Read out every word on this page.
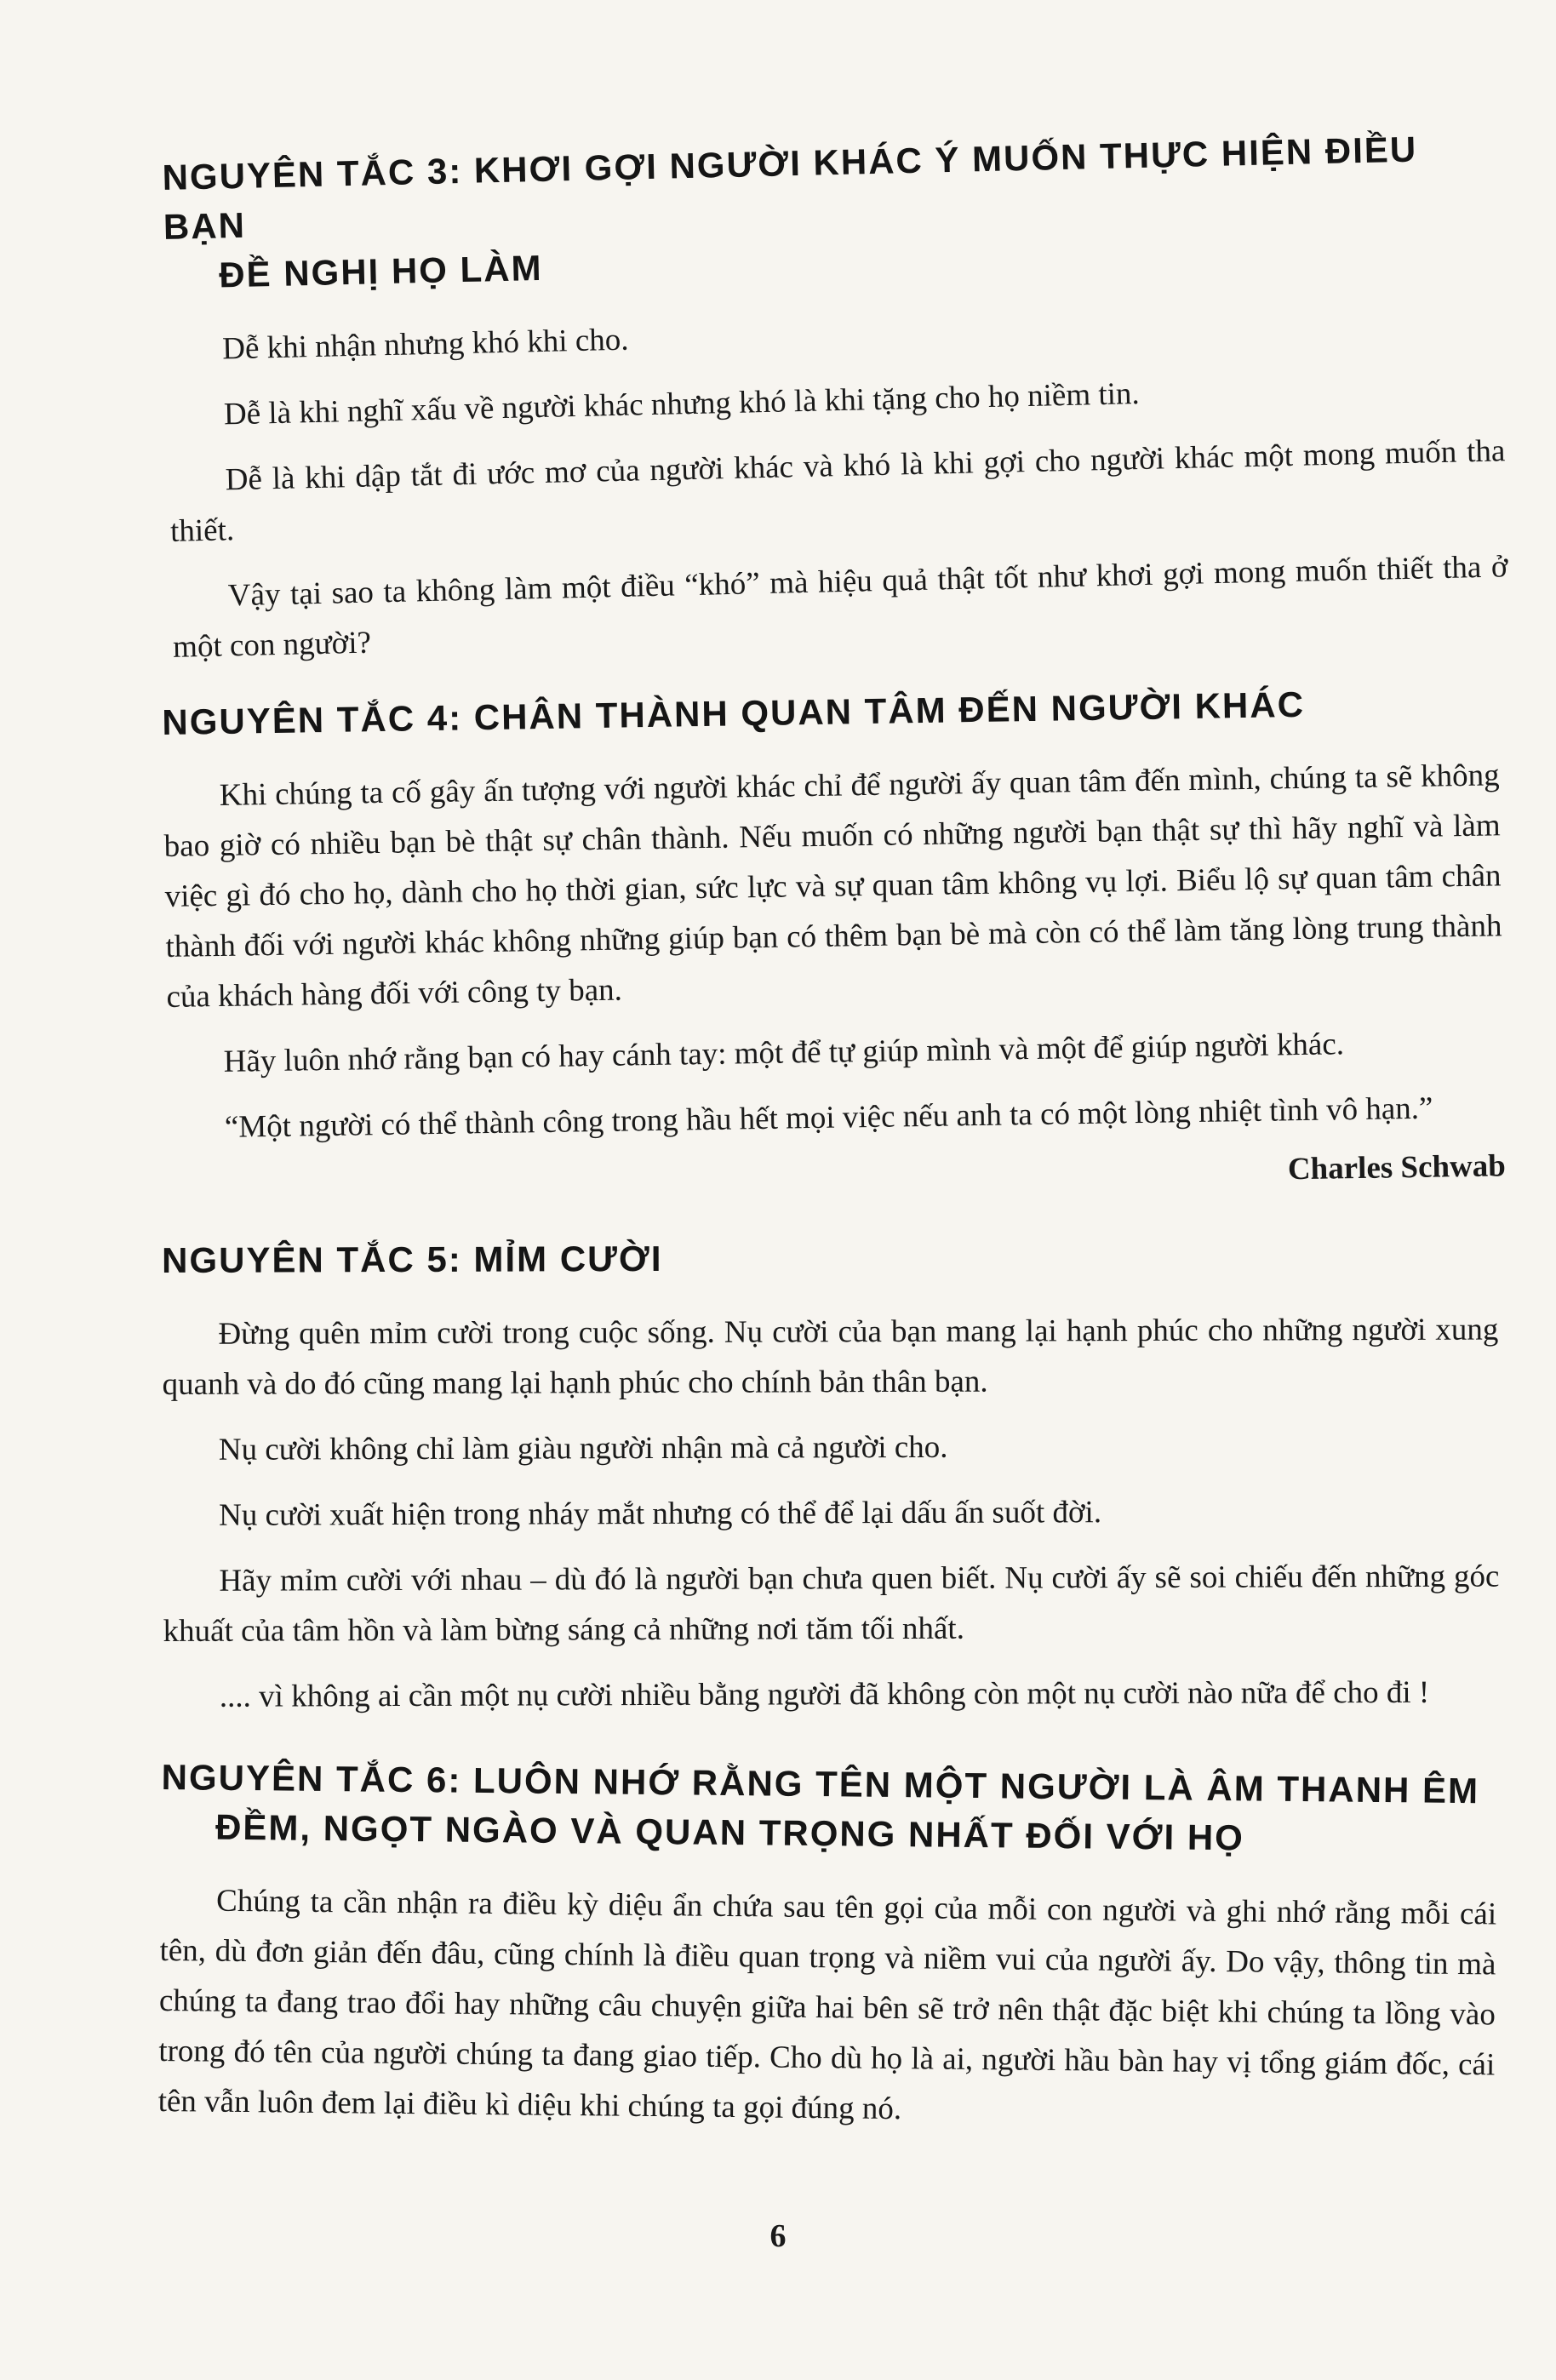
NGUYÊN TẮC 3: KHƠI GỢI NGƯỜI KHÁC Ý MUỐN THỰC HIỆN ĐIỀU BẠN
ĐỀ NGHỊ HỌ LÀM

Dễ khi nhận nhưng khó khi cho.

Dễ là khi nghĩ xấu về người khác nhưng khó là khi tặng cho họ niềm tin.

Dễ là khi dập tắt đi ước mơ của người khác và khó là khi gợi cho người khác một mong muốn tha thiết.

Vậy tại sao ta không làm một điều “khó” mà hiệu quả thật tốt như khơi gợi mong muốn thiết tha ở một con người?

NGUYÊN TẮC 4: CHÂN THÀNH QUAN TÂM ĐẾN NGƯỜI KHÁC

Khi chúng ta cố gây ấn tượng với người khác chỉ để người ấy quan tâm đến mình, chúng ta sẽ không bao giờ có nhiều bạn bè thật sự chân thành. Nếu muốn có những người bạn thật sự thì hãy nghĩ và làm việc gì đó cho họ, dành cho họ thời gian, sức lực và sự quan tâm không vụ lợi. Biểu lộ sự quan tâm chân thành đối với người khác không những giúp bạn có thêm bạn bè mà còn có thể làm tăng lòng trung thành của khách hàng đối với công ty bạn.

Hãy luôn nhớ rằng bạn có hay cánh tay: một để tự giúp mình và một để giúp người khác.

“Một người có thể thành công trong hầu hết mọi việc nếu anh ta có một lòng nhiệt tình vô hạn.”

Charles Schwab
NGUYÊN TẮC 5: MỈM CƯỜI

Đừng quên mỉm cười trong cuộc sống. Nụ cười của bạn mang lại hạnh phúc cho những người xung quanh và do đó cũng mang lại hạnh phúc cho chính bản thân bạn.

Nụ cười không chỉ làm giàu người nhận mà cả người cho.

Nụ cười xuất hiện trong nháy mắt nhưng có thể để lại dấu ấn suốt đời.

Hãy mỉm cười với nhau – dù đó là người bạn chưa quen biết. Nụ cười ấy sẽ soi chiếu đến những góc khuất của tâm hồn và làm bừng sáng cả những nơi tăm tối nhất.

.... vì không ai cần một nụ cười nhiều bằng người đã không còn một nụ cười nào nữa để cho đi !

NGUYÊN TẮC 6: LUÔN NHỚ RẰNG TÊN MỘT NGƯỜI LÀ ÂM THANH ÊM
ĐỀM, NGỌT NGÀO VÀ QUAN TRỌNG NHẤT ĐỐI VỚI HỌ

Chúng ta cần nhận ra điều kỳ diệu ẩn chứa sau tên gọi của mỗi con người và ghi nhớ rằng mỗi cái tên, dù đơn giản đến đâu, cũng chính là điều quan trọng và niềm vui của người ấy. Do vậy, thông tin mà chúng ta đang trao đổi hay những câu chuyện giữa hai bên sẽ trở nên thật đặc biệt khi chúng ta lồng vào trong đó tên của người chúng ta đang giao tiếp. Cho dù họ là ai, người hầu bàn hay vị tổng giám đốc, cái tên vẫn luôn đem lại điều kì diệu khi chúng ta gọi đúng nó.

6
